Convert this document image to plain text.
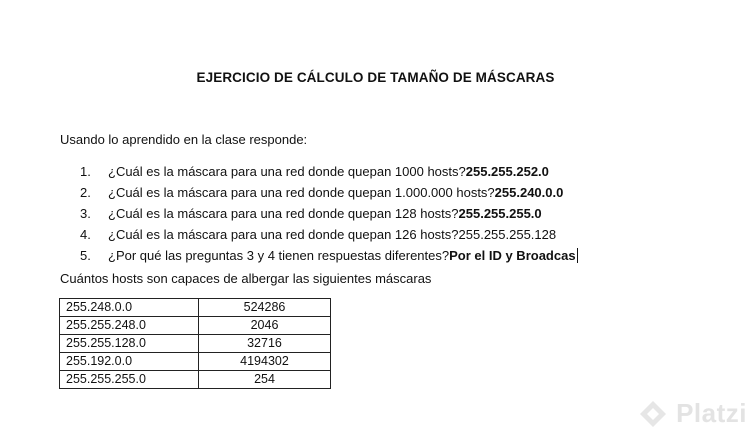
EJERCICIO DE CÁLCULO DE TAMAÑO DE MÁSCARAS
Usando lo aprendido en la clase responde:
1.	¿Cuál es la máscara para una red donde quepan 1000 hosts? 255.255.252.0
2.	¿Cuál es la máscara para una red donde quepan 1.000.000 hosts? 255.240.0.0
3.	¿Cuál es la máscara para una red donde quepan 128 hosts? 255.255.255.0
4.	¿Cuál es la máscara para una red donde quepan 126 hosts? 255.255.255.128
5.	¿Por qué las preguntas 3 y 4 tienen respuestas diferentes? Por el ID y Broadcas
Cuántos hosts son capaces de albergar las siguientes máscaras
255.248.0.0	524286
255.255.248.0	2046
255.255.128.0	32716
255.192.0.0	4194302
255.255.255.0	254
Platzi
